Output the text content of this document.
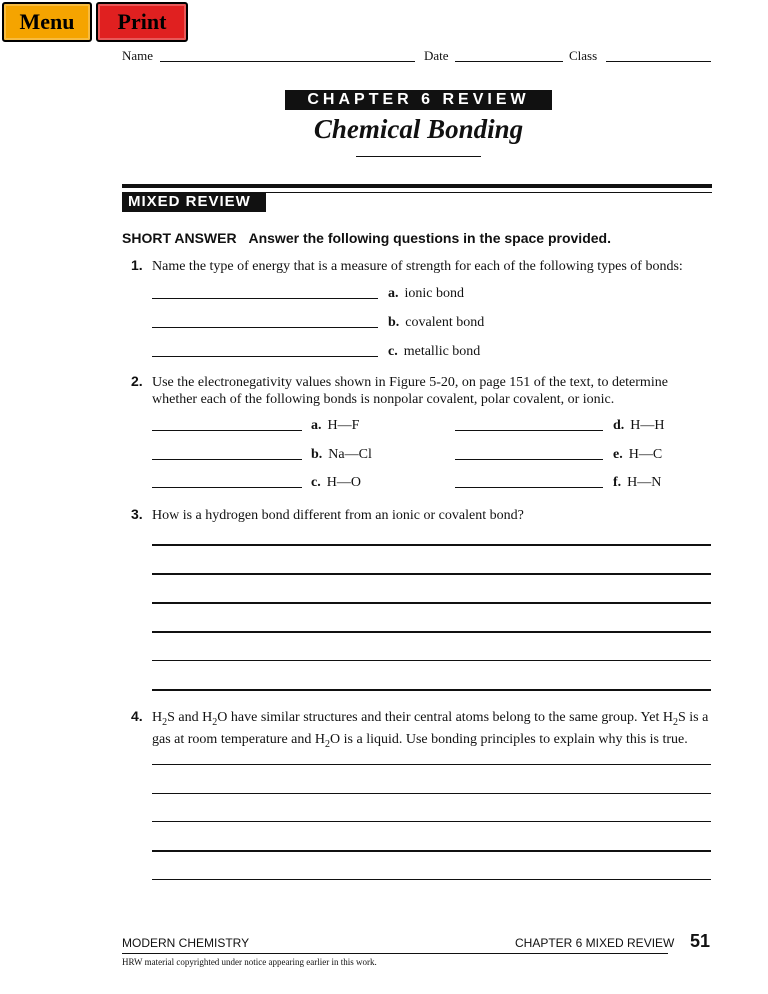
Menu	Print
Name	Date	Class
CHAPTER 6 REVIEW
Chemical Bonding
MIXED REVIEW
SHORT ANSWER Answer the following questions in the space provided.
1. Name the type of energy that is a measure of strength for each of the following types of bonds:
a. ionic bond
b. covalent bond
c. metallic bond
2. Use the electronegativity values shown in Figure 5-20, on page 151 of the text, to determine
whether each of the following bonds is nonpolar covalent, polar covalent, or ionic.
a. H—F	d. H—H
b. Na—Cl	e. H—C
c. H—O	f. H—N
3. How is a hydrogen bond different from an ionic or covalent bond?
4. $H_2S$ and $H_2O$ have similar structures and their central atoms belong to the same group. Yet $H_2S$ is a
gas at room temperature and $H_2O$ is a liquid. Use bonding principles to explain why this is true.
MODERN CHEMISTRY	CHAPTER 6 MIXED REVIEW 51
HRW material copyrighted under notice appearing earlier in this work.
